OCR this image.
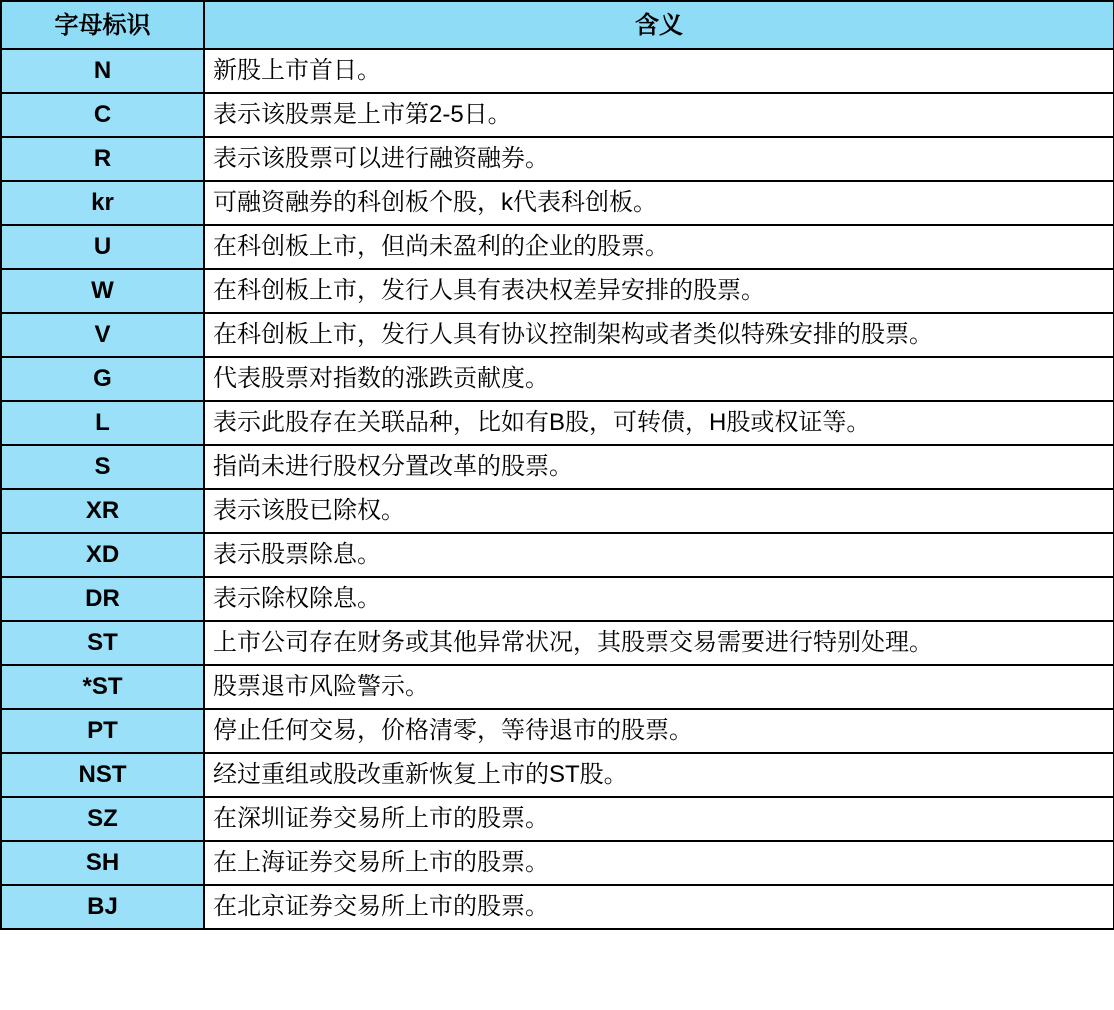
字母标识	含义
N	新股上市首日。
C	表示该股票是上市第2-5日。
R	表示该股票可以进行融资融券。
kr	可融资融券的科创板个股，k代表科创板。
U	在科创板上市，但尚未盈利的企业的股票。
W	在科创板上市，发行人具有表决权差异安排的股票。
V	在科创板上市，发行人具有协议控制架构或者类似特殊安排的股票。
G	代表股票对指数的涨跌贡献度。
L	表示此股存在关联品种，比如有B股，可转债，H股或权证等。
S	指尚未进行股权分置改革的股票。
XR	表示该股已除权。
XD	表示股票除息。
DR	表示除权除息。
ST	上市公司存在财务或其他异常状况，其股票交易需要进行特别处理。
*ST	股票退市风险警示。
PT	停止任何交易，价格清零，等待退市的股票。
NST	经过重组或股改重新恢复上市的ST股。
SZ	在深圳证券交易所上市的股票。
SH	在上海证券交易所上市的股票。
BJ	在北京证券交易所上市的股票。
